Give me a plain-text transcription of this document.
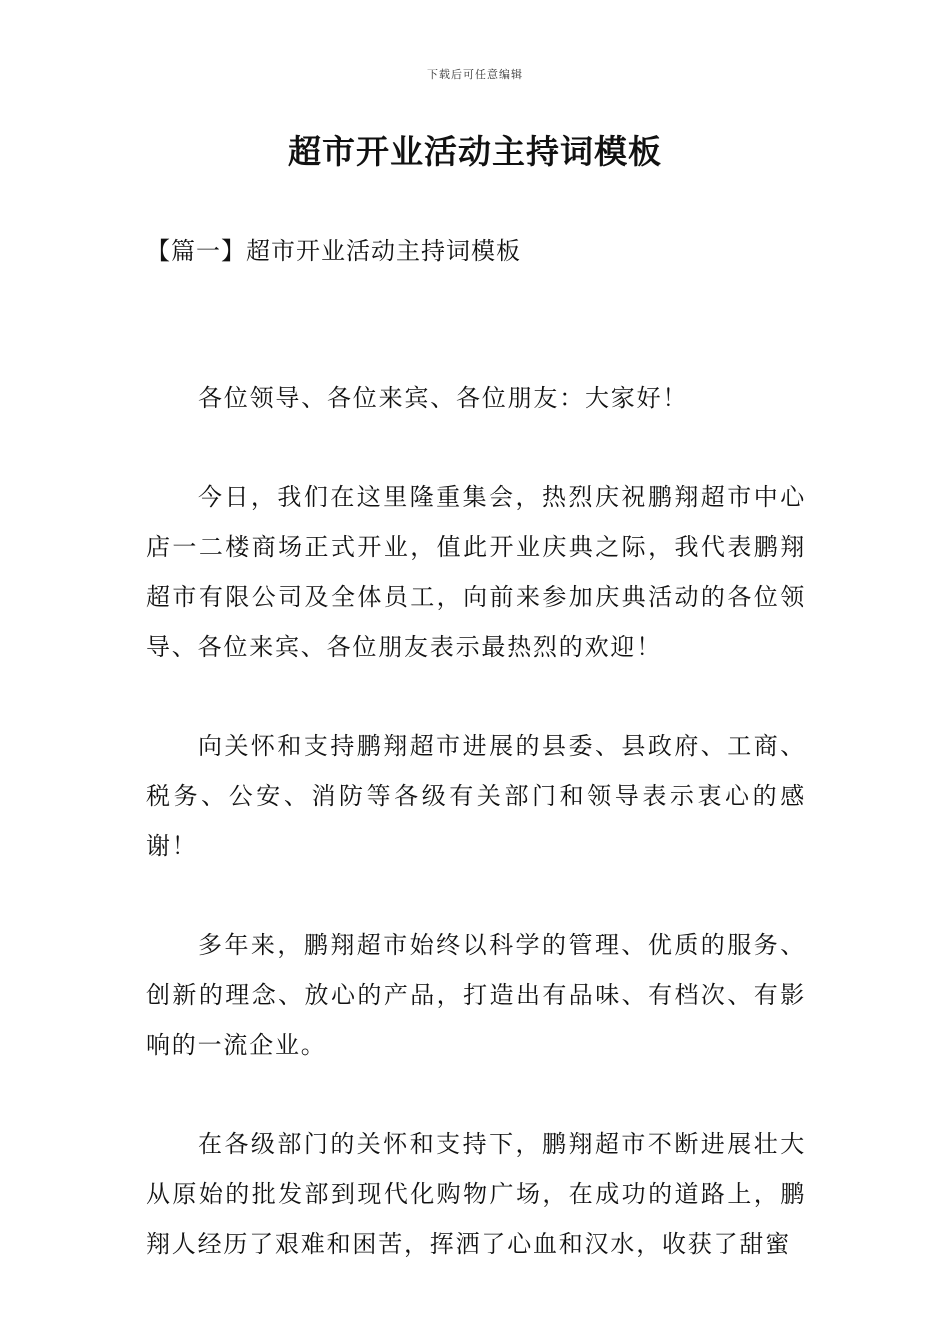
下载后可任意编辑
超市开业活动主持词模板
【篇一】超市开业活动主持词模板

各位领导、各位来宾、各位朋友：大家好！

今日，我们在这里隆重集会，热烈庆祝鹏翔超市中心店一二楼商场正式开业，值此开业庆典之际，我代表鹏翔超市有限公司及全体员工，向前来参加庆典活动的各位领导、各位来宾、各位朋友表示最热烈的欢迎！

向关怀和支持鹏翔超市进展的县委、县政府、工商、税务、公安、消防等各级有关部门和领导表示衷心的感谢！

多年来，鹏翔超市始终以科学的管理、优质的服务、创新的理念、放心的产品，打造出有品味、有档次、有影响的一流企业。

在各级部门的关怀和支持下，鹏翔超市不断进展壮大从原始的批发部到现代化购物广场，在成功的道路上，鹏翔人经历了艰难和困苦，挥洒了心血和汉水，收获了甜蜜
